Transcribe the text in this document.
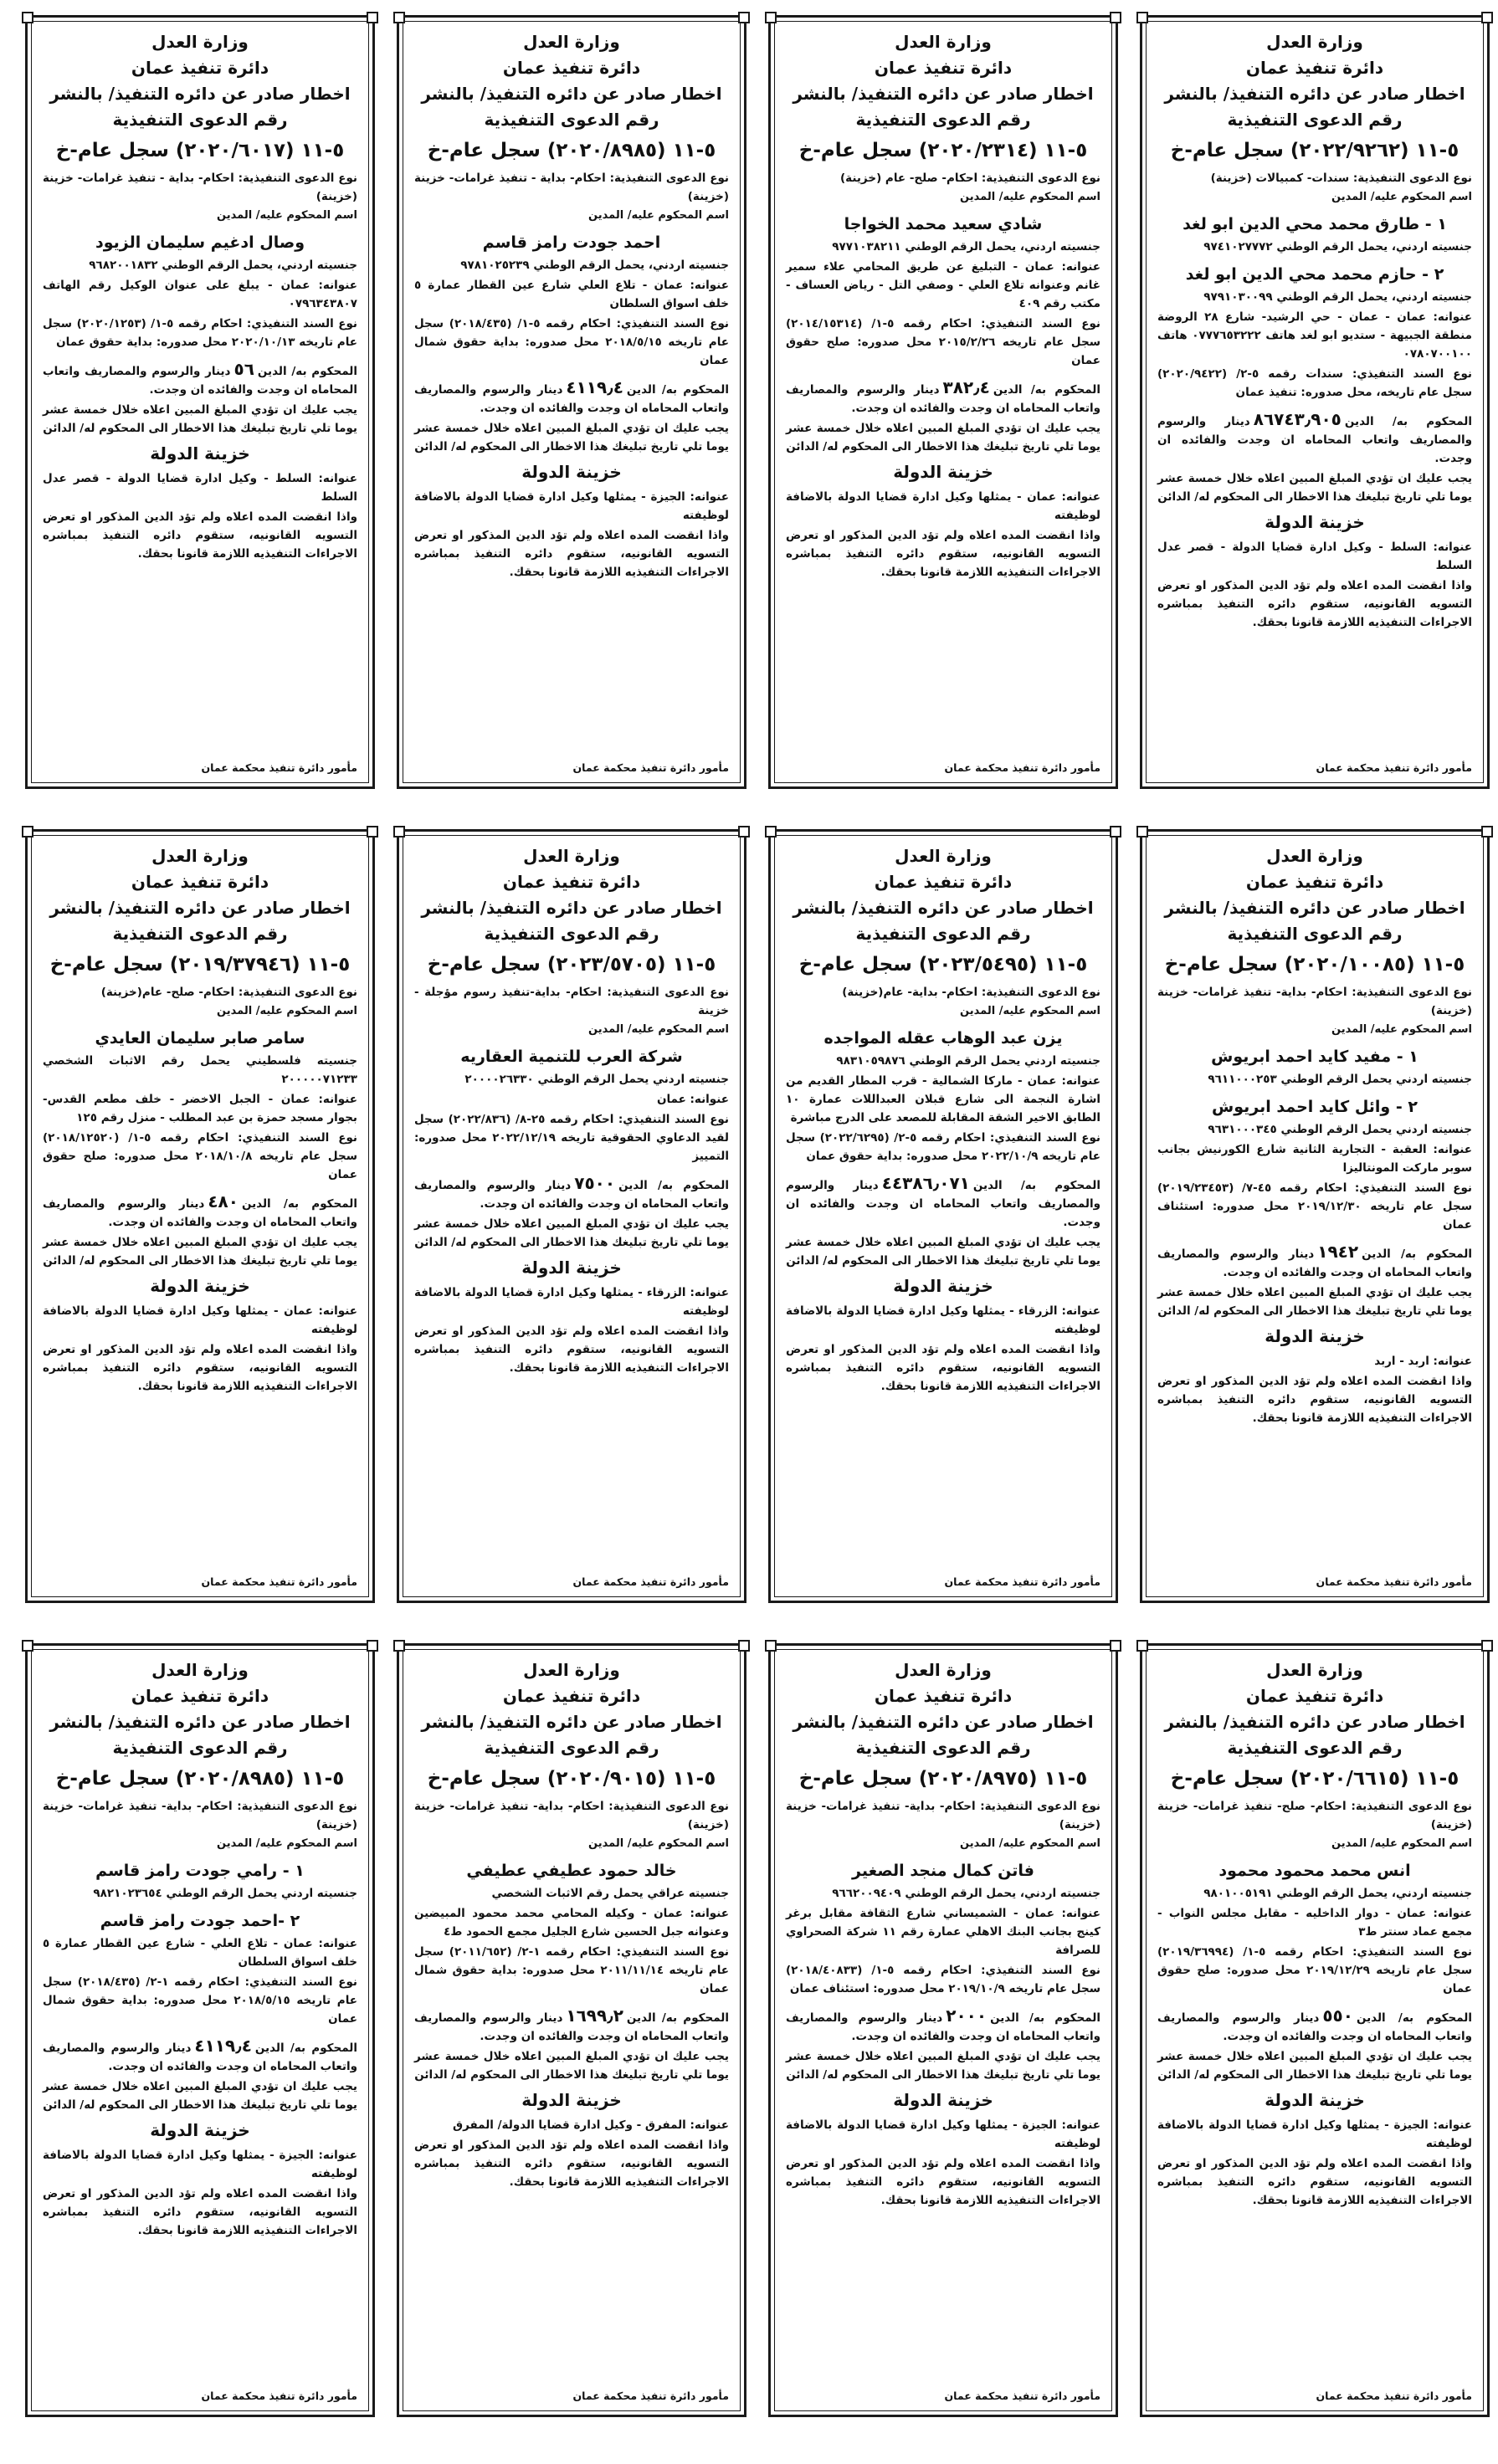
وزارة العدل
دائرة تنفيذ عمان
اخطار صادر عن دائره التنفيذ/ بالنشر
رقم الدعوى التنفيذية
٥-١١ (٢٠٢٢/٩٢٦٢) سجل عام-خ
نوع الدعوى التنفيذية: سندات- كمبيالات (خزينة)
اسم المحكوم عليه/ المدين
١ - طارق محمد محي الدين ابو لغد
جنسيته اردني، يحمل الرقم الوطني ٩٧٤١٠٢٧٧٧٢
٢ - حازم محمد محي الدين ابو لغد
جنسيته اردني، يحمل الرقم الوطني ٩٧٩١٠٣٠٠٩٩
عنوانه: عمان - عمان - حي الرشيد- شارع ٢٨ الروضة منطقة الجبيهة - ستديو ابو لغد هاتف ٠٧٧٧٦٥٣٢٢٢ هاتف ٠٧٨٠٧٠٠١٠٠
نوع السند التنفيذي: سندات رقمه ٥-٢/ (٢٠٢٠/٩٤٢٢) سجل عام تاريخه، محل صدوره: تنفيذ عمان
المحكوم به/ الدين٨٦٧٤٣٫٩٠٥دينار والرسوم والمصاريف واتعاب المحاماه ان وجدت والفائده ان وجدت.
يجب عليك ان تؤدي المبلغ المبين اعلاه خلال خمسة عشر يوما تلي تاريخ تبليغك هذا الاخطار الى المحكوم له/ الدائن
خزينة الدولة
عنوانه: السلط - وكيل ادارة قضايا الدولة - قصر عدل السلط
واذا انقضت المده اعلاه ولم تؤد الدين المذكور او تعرض التسويه القانونيه، ستقوم دائره التنفيذ بمباشره الاجراءات التنفيذيه اللازمة قانونا بحقك.
مأمور دائرة تنفيذ محكمة عمان
وزارة العدل
دائرة تنفيذ عمان
اخطار صادر عن دائره التنفيذ/ بالنشر
رقم الدعوى التنفيذية
٥-١١ (٢٠٢٠/٢٣١٤) سجل عام-خ
نوع الدعوى التنفيذية: احكام- صلح- عام (خزينة)
اسم المحكوم عليه/ المدين
شادي سعيد محمد الخواجا
جنسيته اردني، يحمل الرقم الوطني ٩٧٧١٠٣٨٢١١
عنوانه: عمان - التبليغ عن طريق المحامي علاء سمير غانم وعنوانه تلاع العلي - وصفي التل - رياض العساف - مكتب رقم ٤٠٩
نوع السند التنفيذي: احكام رقمه ٥-١/ (٢٠١٤/١٥٣١٤) سجل عام تاريخه ٢٠١٥/٢/٢٦ محل صدوره: صلح حقوق عمان
المحكوم به/ الدين٣٨٢٫٤دينار والرسوم والمصاريف واتعاب المحاماه ان وجدت والفائده ان وجدت.
يجب عليك ان تؤدي المبلغ المبين اعلاه خلال خمسة عشر يوما تلي تاريخ تبليغك هذا الاخطار الى المحكوم له/ الدائن
خزينة الدولة
عنوانه: عمان - يمثلها وكيل ادارة قضايا الدولة بالاضافة لوظيفته
واذا انقضت المده اعلاه ولم تؤد الدين المذكور او تعرض التسويه القانونيه، ستقوم دائره التنفيذ بمباشره الاجراءات التنفيذيه اللازمة قانونا بحقك.
مأمور دائرة تنفيذ محكمة عمان
وزارة العدل
دائرة تنفيذ عمان
اخطار صادر عن دائره التنفيذ/ بالنشر
رقم الدعوى التنفيذية
٥-١١ (٢٠٢٠/٨٩٨٥) سجل عام-خ
نوع الدعوى التنفيذية: احكام- بداية - تنفيذ غرامات- خزينة (خزينة)
اسم المحكوم عليه/ المدين
احمد جودت رامز قاسم
جنسيته اردني، يحمل الرقم الوطني ٩٧٨١٠٢٥٢٣٩
عنوانه: عمان - تلاع العلي شارع عين القطار عمارة ٥ خلف اسواق السلطان
نوع السند التنفيذي: احكام رقمه ٥-١/ (٢٠١٨/٤٣٥) سجل عام تاريخه ٢٠١٨/٥/١٥ محل صدوره: بداية حقوق شمال عمان
المحكوم به/ الدين٤١١٩٫٤دينار والرسوم والمصاريف واتعاب المحاماه ان وجدت والفائده ان وجدت.
يجب عليك ان تؤدي المبلغ المبين اعلاه خلال خمسة عشر يوما تلي تاريخ تبليغك هذا الاخطار الى المحكوم له/ الدائن
خزينة الدولة
عنوانه: الجيزة - يمثلها وكيل ادارة قضايا الدولة بالاضافة لوظيفته
واذا انقضت المده اعلاه ولم تؤد الدين المذكور او تعرض التسويه القانونيه، ستقوم دائره التنفيذ بمباشره الاجراءات التنفيذيه اللازمة قانونا بحقك.
مأمور دائرة تنفيذ محكمة عمان
وزارة العدل
دائرة تنفيذ عمان
اخطار صادر عن دائره التنفيذ/ بالنشر
رقم الدعوى التنفيذية
٥-١١ (٢٠٢٠/٦٠١٧) سجل عام-خ
نوع الدعوى التنفيذية: احكام- بداية - تنفيذ غرامات- خزينة (خزينة)
اسم المحكوم عليه/ المدين
وصال ادغيم سليمان الزيود
جنسيته اردني، يحمل الرقم الوطني ٩٦٨٢٠٠١٨٣٢
عنوانه: عمان - يبلغ على عنوان الوكيل رقم الهاتف ٠٧٩٦٣٤٣٨٠٧
نوع السند التنفيذي: احكام رقمه ٥-١/ (٢٠٢٠/١٢٥٣) سجل عام تاريخه ٢٠٢٠/١٠/١٣ محل صدوره: بداية حقوق عمان
المحكوم به/ الدين٥٦دينار والرسوم والمصاريف واتعاب المحاماه ان وجدت والفائده ان وجدت.
يجب عليك ان تؤدي المبلغ المبين اعلاه خلال خمسة عشر يوما تلي تاريخ تبليغك هذا الاخطار الى المحكوم له/ الدائن
خزينة الدولة
عنوانه: السلط - وكيل ادارة قضايا الدولة - قصر عدل السلط
واذا انقضت المده اعلاه ولم تؤد الدين المذكور او تعرض التسويه القانونيه، ستقوم دائره التنفيذ بمباشره الاجراءات التنفيذيه اللازمة قانونا بحقك.
مأمور دائرة تنفيذ محكمة عمان
وزارة العدل
دائرة تنفيذ عمان
اخطار صادر عن دائره التنفيذ/ بالنشر
رقم الدعوى التنفيذية
٥-١١ (٢٠٢٠/١٠٠٨٥) سجل عام-خ
نوع الدعوى التنفيذية: احكام- بداية- تنفيذ غرامات- خزينة (خزينة)
اسم المحكوم عليه/ المدين
١ - مفيد كايد احمد ابريوش
جنسيته اردني يحمل الرقم الوطني ٩٦١١٠٠٠٢٥٣
٢ - وائل كايد احمد ابريوش
جنسيته اردني يحمل الرقم الوطني ٩٦٣١٠٠٠٣٤٥
عنوانه: العقبة - التجارية الثانية شارع الكورنيش بجانب سوبر ماركت المونتاليزا
نوع السند التنفيذي: احكام رقمه ٤٥-٧/ (٢٠١٩/٢٣٤٥٣) سجل عام تاريخه ٢٠١٩/١٢/٣٠ محل صدوره: استئناف عمان
المحكوم به/ الدين١٩٤٢دينار والرسوم والمصاريف واتعاب المحاماه ان وجدت والفائده ان وجدت.
يجب عليك ان تؤدي المبلغ المبين اعلاه خلال خمسة عشر يوما تلي تاريخ تبليغك هذا الاخطار الى المحكوم له/ الدائن
خزينة الدولة
عنوانه: اربد - اربد
واذا انقضت المده اعلاه ولم تؤد الدين المذكور او تعرض التسويه القانونيه، ستقوم دائره التنفيذ بمباشره الاجراءات التنفيذيه اللازمة قانونا بحقك.
مأمور دائرة تنفيذ محكمة عمان
وزارة العدل
دائرة تنفيذ عمان
اخطار صادر عن دائره التنفيذ/ بالنشر
رقم الدعوى التنفيذية
٥-١١ (٢٠٢٣/٥٤٩٥) سجل عام-خ
نوع الدعوى التنفيذية: احكام- بداية- عام(خزينة)
اسم المحكوم عليه/ المدين
يزن عبد الوهاب عقله المواجده
جنسيته اردني يحمل الرقم الوطني ٩٨٣١٠٥٩٨٧٦
عنوانه: عمان - ماركا الشمالية - قرب المطار القديم من اشارة النجمة الى شارع قبلان العبداللات عمارة ١٠ الطابق الاخير الشقة المقابلة للمصعد على الدرج مباشرة
نوع السند التنفيذي: احكام رقمه ٥-٢/ (٢٠٢٢/٦٢٩٥) سجل عام تاريخه ٢٠٢٢/١٠/٩ محل صدوره: بداية حقوق عمان
المحكوم به/ الدين٤٤٣٨٦٫٠٧١دينار والرسوم والمصاريف واتعاب المحاماه ان وجدت والفائده ان وجدت.
يجب عليك ان تؤدي المبلغ المبين اعلاه خلال خمسة عشر يوما تلي تاريخ تبليغك هذا الاخطار الى المحكوم له/ الدائن
خزينة الدولة
عنوانه: الزرقاء - يمثلها وكيل ادارة قضايا الدولة بالاضافة لوظيفته
واذا انقضت المده اعلاه ولم تؤد الدين المذكور او تعرض التسويه القانونيه، ستقوم دائره التنفيذ بمباشره الاجراءات التنفيذيه اللازمة قانونا بحقك.
مأمور دائرة تنفيذ محكمة عمان
وزارة العدل
دائرة تنفيذ عمان
اخطار صادر عن دائره التنفيذ/ بالنشر
رقم الدعوى التنفيذية
٥-١١ (٢٠٢٣/٥٧٠٥) سجل عام-خ
نوع الدعوى التنفيذية: احكام- بداية-تنفيذ رسوم مؤجلة - خزينة
اسم المحكوم عليه/ المدين
شركة العرب للتنمية العقاريه
جنسيته اردني يحمل الرقم الوطني ٢٠٠٠٠٢٦٣٣٠
عنوانه: عمان
نوع السند التنفيذي: احكام رقمه ٢٥-٨/ (٢٠٢٢/٨٣٦) سجل لقيد الدعاوي الحقوقية تاريخه ٢٠٢٢/١٢/١٩ محل صدوره: التمييز
المحكوم به/ الدين٧٥٠٠دينار والرسوم والمصاريف واتعاب المحاماه ان وجدت والفائده ان وجدت.
يجب عليك ان تؤدي المبلغ المبين اعلاه خلال خمسة عشر يوما تلي تاريخ تبليغك هذا الاخطار الى المحكوم له/ الدائن
خزينة الدولة
عنوانه: الزرقاء - يمثلها وكيل ادارة قضايا الدولة بالاضافة لوظيفته
واذا انقضت المده اعلاه ولم تؤد الدين المذكور او تعرض التسويه القانونيه، ستقوم دائره التنفيذ بمباشره الاجراءات التنفيذيه اللازمة قانونا بحقك.
مأمور دائرة تنفيذ محكمة عمان
وزارة العدل
دائرة تنفيذ عمان
اخطار صادر عن دائره التنفيذ/ بالنشر
رقم الدعوى التنفيذية
٥-١١ (٢٠١٩/٣٧٩٤٦) سجل عام-خ
نوع الدعوى التنفيذية: احكام- صلح- عام(خزينة)
اسم المحكوم عليه/ المدين
سامر صابر سليمان العايدي
جنسيته فلسطيني يحمل رقم الاثبات الشخصي ٢٠٠٠٠٠٧١٢٣٣
عنوانه: عمان - الجبل الاخضر - خلف مطعم القدس- بجوار مسجد حمزة بن عبد المطلب - منزل رقم ١٢٥
نوع السند التنفيذي: احكام رقمه ٥-١/ (٢٠١٨/١٢٥٢٠) سجل عام تاريخه ٢٠١٨/١٠/٨ محل صدوره: صلح حقوق عمان
المحكوم به/ الدين٤٨٠دينار والرسوم والمصاريف واتعاب المحاماه ان وجدت والفائده ان وجدت.
يجب عليك ان تؤدي المبلغ المبين اعلاه خلال خمسة عشر يوما تلي تاريخ تبليغك هذا الاخطار الى المحكوم له/ الدائن
خزينة الدولة
عنوانه: عمان - يمثلها وكيل ادارة قضايا الدولة بالاضافة لوظيفته
واذا انقضت المده اعلاه ولم تؤد الدين المذكور او تعرض التسويه القانونيه، ستقوم دائره التنفيذ بمباشره الاجراءات التنفيذيه اللازمة قانونا بحقك.
مأمور دائرة تنفيذ محكمة عمان
وزارة العدل
دائرة تنفيذ عمان
اخطار صادر عن دائره التنفيذ/ بالنشر
رقم الدعوى التنفيذية
٥-١١ (٢٠٢٠/٦٦١٥) سجل عام-خ
نوع الدعوى التنفيذية: احكام- صلح- تنفيذ غرامات- خزينة (خزينة)
اسم المحكوم عليه/ المدين
انس محمد محمود محمود
جنسيته اردني، يحمل الرقم الوطني ٩٨٠١٠٠٥١٩١
عنوانه: عمان - دوار الداخليه - مقابل مجلس النواب - مجمع عماد سنتر ط٣
نوع السند التنفيذي: احكام رقمه ٥-١/ (٢٠١٩/٣٦٩٩٤) سجل عام تاريخه ٢٠١٩/١٢/٢٩ محل صدوره: صلح حقوق عمان
المحكوم به/ الدين٥٥٠دينار والرسوم والمصاريف واتعاب المحاماه ان وجدت والفائده ان وجدت.
يجب عليك ان تؤدي المبلغ المبين اعلاه خلال خمسة عشر يوما تلي تاريخ تبليغك هذا الاخطار الى المحكوم له/ الدائن
خزينة الدولة
عنوانه: الجيزة - يمثلها وكيل ادارة قضايا الدولة بالاضافة لوظيفته
واذا انقضت المده اعلاه ولم تؤد الدين المذكور او تعرض التسويه القانونيه، ستقوم دائره التنفيذ بمباشره الاجراءات التنفيذيه اللازمة قانونا بحقك.
مأمور دائرة تنفيذ محكمة عمان
وزارة العدل
دائرة تنفيذ عمان
اخطار صادر عن دائره التنفيذ/ بالنشر
رقم الدعوى التنفيذية
٥-١١ (٢٠٢٠/٨٩٧٥) سجل عام-خ
نوع الدعوى التنفيذية: احكام- بداية- تنفيذ غرامات- خزينة (خزينة)
اسم المحكوم عليه/ المدين
فاتن كمال منجد الصغير
جنسيته اردني، يحمل الرقم الوطني ٩٦٦٢٠٠٩٤٠٩
عنوانه: عمان - الشميساني شارع الثقافة مقابل برغر كينج بجانب البنك الاهلي عمارة رقم ١١ شركة الصحراوي للصرافة
نوع السند التنفيذي: احكام رقمه ٥-١/ (٢٠١٨/٤٠٨٣٣) سجل عام تاريخه ٢٠١٩/١٠/٩ محل صدوره: استئناف عمان
المحكوم به/ الدين٢٠٠٠دينار والرسوم والمصاريف واتعاب المحاماه ان وجدت والفائده ان وجدت.
يجب عليك ان تؤدي المبلغ المبين اعلاه خلال خمسة عشر يوما تلي تاريخ تبليغك هذا الاخطار الى المحكوم له/ الدائن
خزينة الدولة
عنوانه: الجيزة - يمثلها وكيل ادارة قضايا الدولة بالاضافة لوظيفته
واذا انقضت المده اعلاه ولم تؤد الدين المذكور او تعرض التسويه القانونيه، ستقوم دائره التنفيذ بمباشره الاجراءات التنفيذيه اللازمة قانونا بحقك.
مأمور دائرة تنفيذ محكمة عمان
وزارة العدل
دائرة تنفيذ عمان
اخطار صادر عن دائره التنفيذ/ بالنشر
رقم الدعوى التنفيذية
٥-١١ (٢٠٢٠/٩٠١٥) سجل عام-خ
نوع الدعوى التنفيذية: احكام- بداية- تنفيذ غرامات- خزينة (خزينة)
اسم المحكوم عليه/ المدين
خالد حمود عطيفي عطيفي
جنسيته عراقي يحمل رقم الاثبات الشخصي
عنوانه: عمان - وكيله المحامي محمد محمود المبيضين وعنوانه جبل الحسين شارع الجليل مجمع الحمود ط٤
نوع السند التنفيذي: احكام رقمه ١-٢/ (٢٠١١/٦٥٢) سجل عام تاريخه ٢٠١١/١١/١٤ محل صدوره: بداية حقوق شمال عمان
المحكوم به/ الدين١٦٩٩٫٢دينار والرسوم والمصاريف واتعاب المحاماه ان وجدت والفائده ان وجدت.
يجب عليك ان تؤدي المبلغ المبين اعلاه خلال خمسة عشر يوما تلي تاريخ تبليغك هذا الاخطار الى المحكوم له/ الدائن
خزينة الدولة
عنوانه: المفرق - وكيل ادارة قضايا الدولة/ المفرق
واذا انقضت المده اعلاه ولم تؤد الدين المذكور او تعرض التسويه القانونيه، ستقوم دائره التنفيذ بمباشره الاجراءات التنفيذيه اللازمة قانونا بحقك.
مأمور دائرة تنفيذ محكمة عمان
وزارة العدل
دائرة تنفيذ عمان
اخطار صادر عن دائره التنفيذ/ بالنشر
رقم الدعوى التنفيذية
٥-١١ (٢٠٢٠/٨٩٨٥) سجل عام-خ
نوع الدعوى التنفيذية: احكام- بداية- تنفيذ غرامات- خزينة (خزينة)
اسم المحكوم عليه/ المدين
١ - رامي جودت رامز قاسم
جنسيته اردني يحمل الرقم الوطني ٩٨٢١٠٢٣٦٥٤
٢ -احمد جودت رامز قاسم
عنوانه: عمان - تلاع العلي - شارع عين القطار عمارة ٥ خلف اسواق السلطان
نوع السند التنفيذي: احكام رقمه ١-٢/ (٢٠١٨/٤٣٥) سجل عام تاريخه ٢٠١٨/٥/١٥ محل صدوره: بداية حقوق شمال عمان
المحكوم به/ الدين٤١١٩٫٤دينار والرسوم والمصاريف واتعاب المحاماه ان وجدت والفائده ان وجدت.
يجب عليك ان تؤدي المبلغ المبين اعلاه خلال خمسة عشر يوما تلي تاريخ تبليغك هذا الاخطار الى المحكوم له/ الدائن
خزينة الدولة
عنوانه: الجيزة - يمثلها وكيل ادارة قضايا الدولة بالاضافة لوظيفته
واذا انقضت المده اعلاه ولم تؤد الدين المذكور او تعرض التسويه القانونيه، ستقوم دائره التنفيذ بمباشره الاجراءات التنفيذيه اللازمة قانونا بحقك.
مأمور دائرة تنفيذ محكمة عمان
